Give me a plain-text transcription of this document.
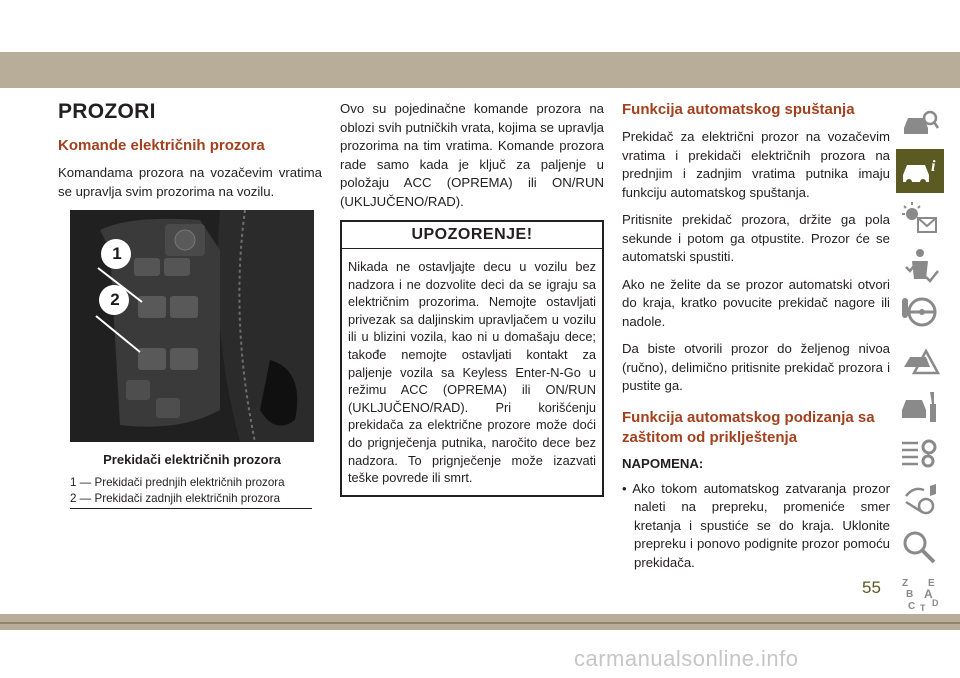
PROZORI
Komande električnih prozora

Komandama prozora na vozačevim vratima se upravlja svim prozorima na vozilu.

1
2
Prekidači električnih prozora
1 — Prekidači prednjih električnih prozora
2 — Prekidači zadnjih električnih prozora

Ovo su pojedinačne komande prozora na oblozi svih putničkih vrata, kojima se upravlja prozorima na tim vratima. Komande prozora rade samo kada je ključ za paljenje u položaju ACC (OPREMA) ili ON/RUN (UKLJUČENO/RAD).

UPOZORENJE!
Nikada ne ostavljajte decu u vozilu bez nadzora i ne dozvolite deci da se igraju sa električnim prozorima. Nemojte ostavljati privezak sa daljinskim upravljačem u vozilu ili u blizini vozila, kao ni u domašaju dece; takođe nemojte ostavljati kontakt za paljenje vozila sa Keyless Enter-N-Go u režimu ACC (OPREMA) ili ON/RUN (UKLJUČENO/RAD). Pri korišćenju prekidača za električne prozore može doći do prignječenja putnika, naročito dece bez nadzora. To prignječenje može izazvati teške povrede ili smrt.
Funkcija automatskog spuštanja

Prekidač za električni prozor na vozačevim vratima i prekidači električnih prozora na prednjim i zadnjim vratima putnika imaju funkciju automatskog spuštanja.

Pritisnite prekidač prozora, držite ga pola sekunde i potom ga otpustite. Prozor će se automatski spustiti.

Ako ne želite da se prozor automatski otvori do kraja, kratko povucite prekidač nagore ili nadole.

Da biste otvorili prozor do željenog nivoa (ručno), delimično pritisnite prekidač prozora i pustite ga.

Funkcija automatskog podizanja sa zaštitom od priklještenja
NAPOMENA:
• Ako tokom automatskog zatvaranja prozor naleti na prepreku, promeniće smer kretanja i spustiće se do kraja. Uklonite prepreku i ponovo podignite prozor pomoću prekidača.
i
Z E
B A
C D
T
55
carmanualsonline.info
